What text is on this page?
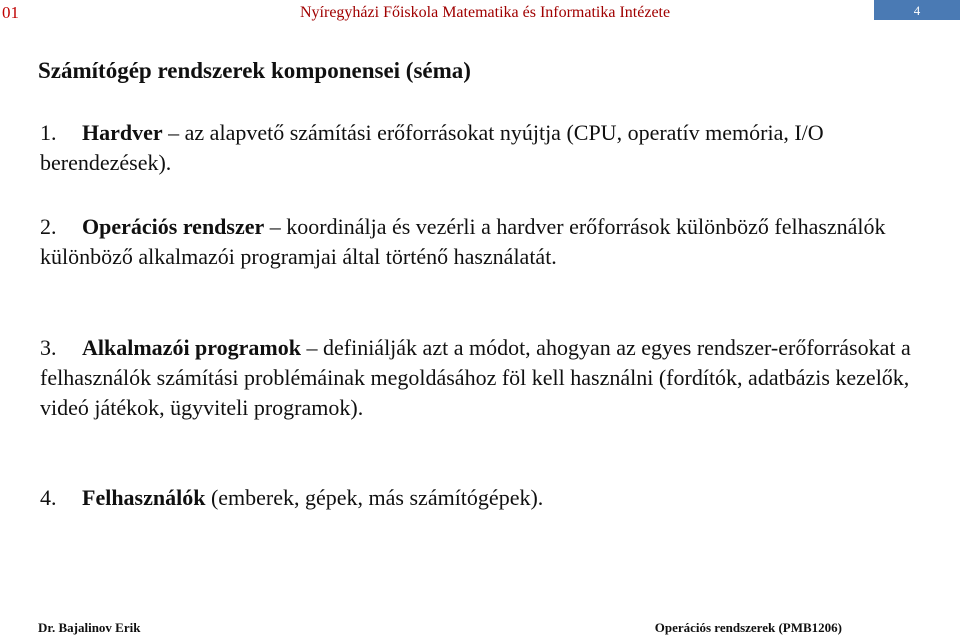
01	Nyíregyházi Főiskola Matematika és Informatika Intézete	4
Számítógép rendszerek komponensei (séma)
1. Hardver – az alapvető számítási erőforrásokat nyújtja (CPU, operatív memória, I/O berendezések).
2. Operációs rendszer – koordinálja és vezérli a hardver erőforrások különböző felhasználók különböző alkalmazói programjai által történő használatát.
3. Alkalmazói programok – definiálják azt a módot, ahogyan az egyes rendszer-erőforrásokat a felhasználók számítási problémáinak megoldásához föl kell használni (fordítók, adatbázis kezelők, videó játékok, ügyviteli programok).
4. Felhasználók (emberek, gépek, más számítógépek).
Dr. Bajalinov Erik	Operációs rendszerek (PMB1206)
